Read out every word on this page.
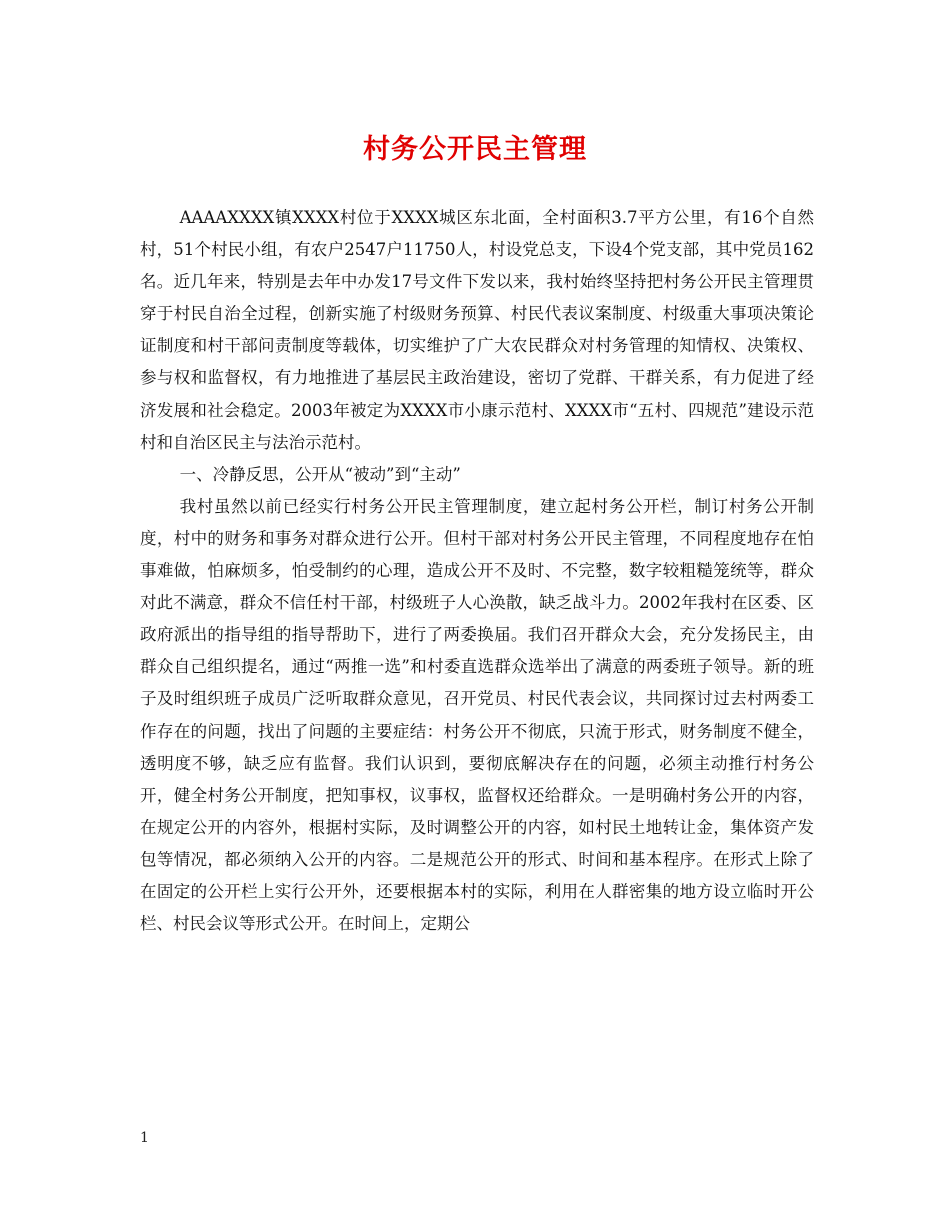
村务公开民主管理

AAAAXXXX镇XXXX村位于XXXX城区东北面，全村面积3.7平方公里，有16个自然村，51个村民小组，有农户2547户11750人，村设党总支，下设4个党支部，其中党员162名。近几年来，特别是去年中办发17号文件下发以来，我村始终坚持把村务公开民主管理贯穿于村民自治全过程，创新实施了村级财务预算、村民代表议案制度、村级重大事项决策论证制度和村干部问责制度等载体，切实维护了广大农民群众对村务管理的知情权、决策权、参与权和监督权，有力地推进了基层民主政治建设，密切了党群、干群关系，有力促进了经济发展和社会稳定。2003年被定为XXXX市小康示范村、XXXX市“五村、四规范”建设示范村和自治区民主与法治示范村。

一、冷静反思，公开从“被动”到“主动”

我村虽然以前已经实行村务公开民主管理制度，建立起村务公开栏，制订村务公开制度，村中的财务和事务对群众进行公开。但村干部对村务公开民主管理，不同程度地存在怕事难做，怕麻烦多，怕受制约的心理，造成公开不及时、不完整，数字较粗糙笼统等，群众对此不满意，群众不信任村干部，村级班子人心涣散，缺乏战斗力。2002年我村在区委、区政府派出的指导组的指导帮助下，进行了两委换届。我们召开群众大会，充分发扬民主，由群众自己组织提名，通过“两推一选”和村委直选群众选举出了满意的两委班子领导。新的班子及时组织班子成员广泛听取群众意见，召开党员、村民代表会议，共同探讨过去村两委工作存在的问题，找出了问题的主要症结：村务公开不彻底，只流于形式，财务制度不健全，透明度不够，缺乏应有监督。我们认识到，要彻底解决存在的问题，必须主动推行村务公开，健全村务公开制度，把知事权，议事权，监督权还给群众。一是明确村务公开的内容，在规定公开的内容外，根据村实际，及时调整公开的内容，如村民土地转让金，集体资产发包等情况，都必须纳入公开的内容。二是规范公开的形式、时间和基本程序。在形式上除了在固定的公开栏上实行公开外，还要根据本村的实际，利用在人群密集的地方设立临时开公栏、村民会议等形式公开。在时间上，定期公

1
